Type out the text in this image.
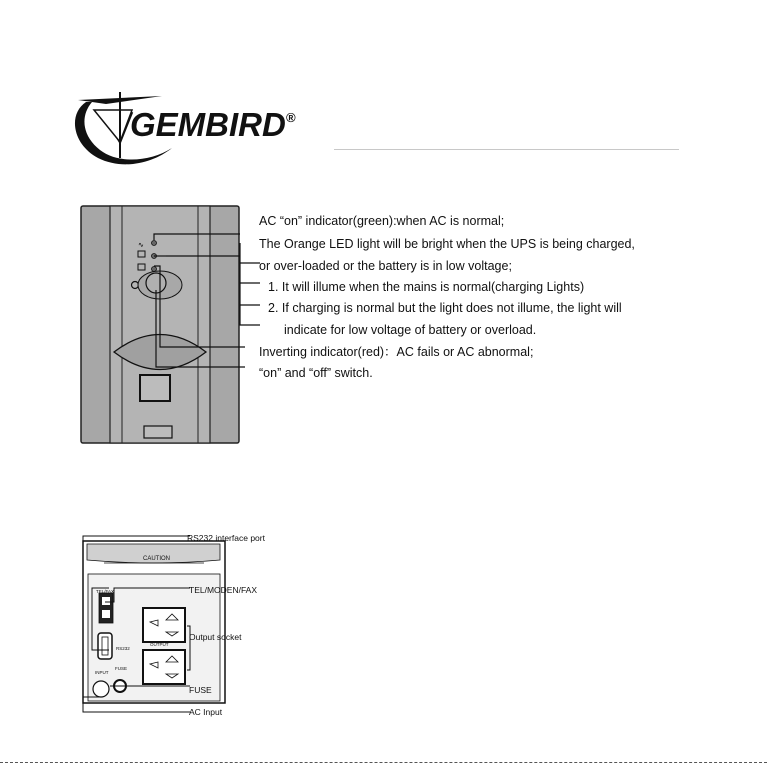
GEMBIRD®
∿
AC “on” indicator(green):when AC is normal;
The Orange LED light will be bright when the UPS is being charged,
or over-loaded or the battery is in low voltage;
1. It will illume when the mains is normal(charging Lights)
2. If charging is normal but the light does not illume, the light will
indicate for low voltage of battery or overload.
Inverting indicator(red)：AC fails or AC abnormal;
“on” and “off” switch.
CAUTION
TEL/FAX
OUTPUT
RS232
INPUT
FUSE
RS232 interface port
TEL/MODEN/FAX
Output socket
FUSE
AC Input
